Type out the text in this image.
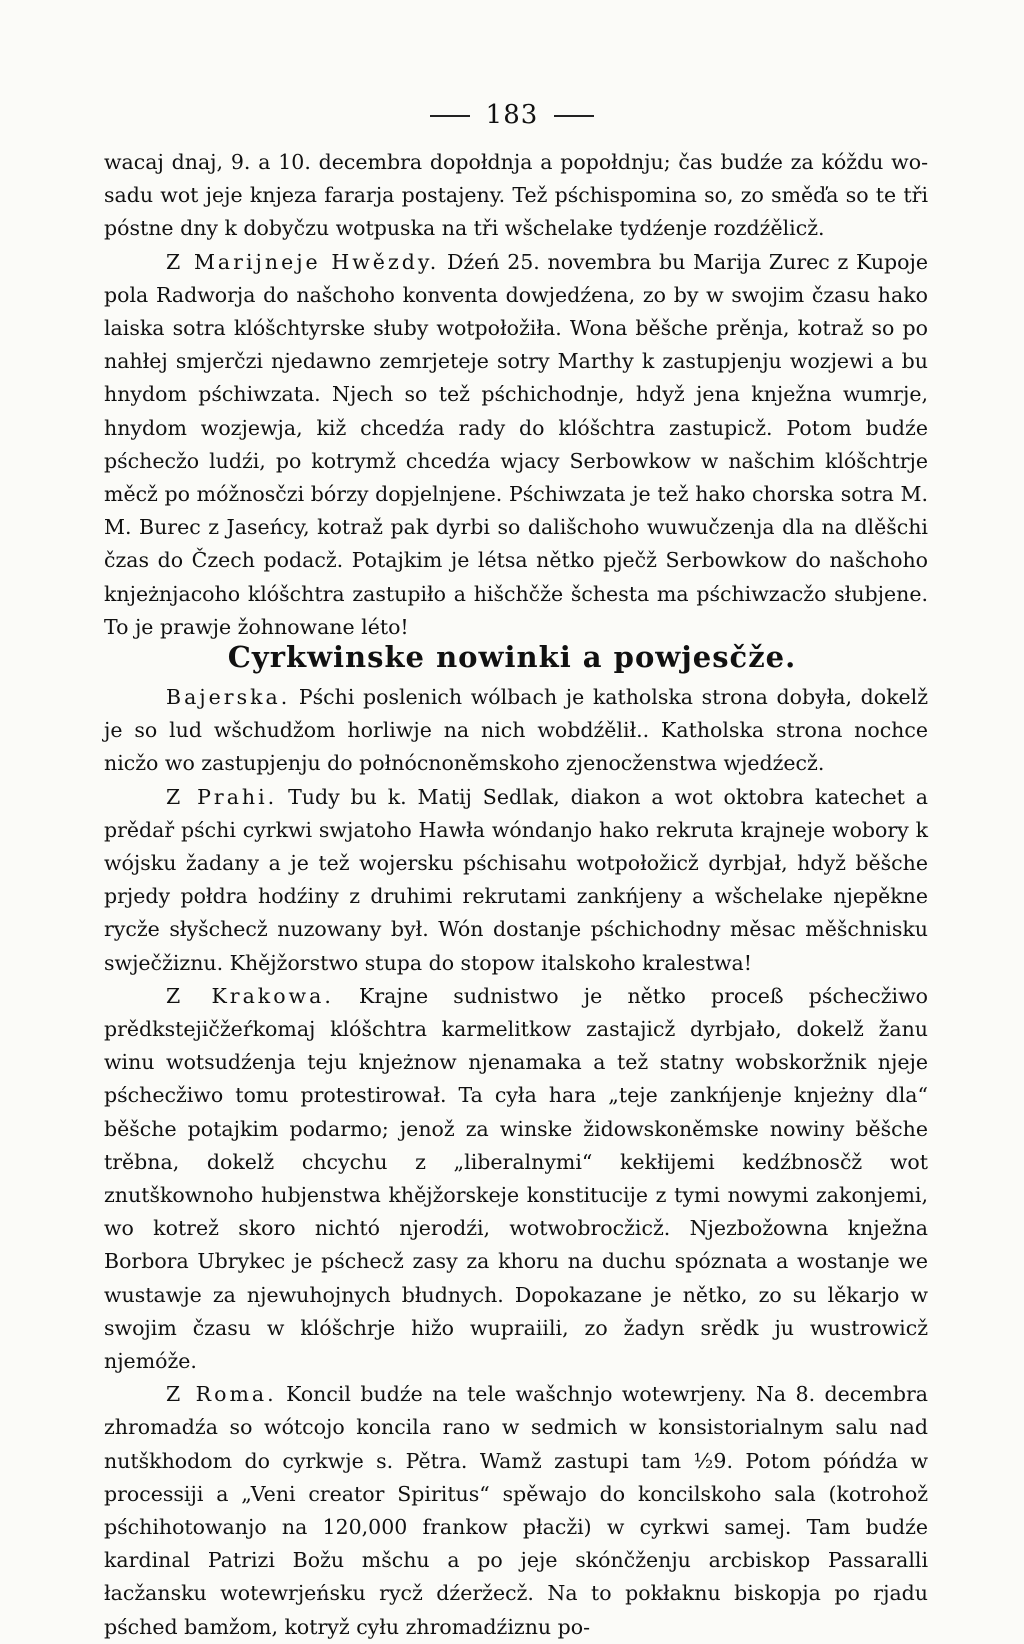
183

wacaj dnaj, 9. a 10. decembra dopołdnja a popołdnju; čas budźe za kóždu wo-sadu wot jeje knjeza fararja postajeny. Tež pśchispomina so, zo směďa so te tři póstne dny k dobyčzu wotpuska na tři wšchelake tydźenje rozdźělicž.

Z Marijneje Hwězdy. Dźeń 25. novembra bu Marija Zurec z Kupoje pola Radworja do našchoho konventa dowjedźena, zo by w swojim čzasu hako laiska sotra klóšchtyrske słuby wotpołožiła. Wona běšche prěnja, kotraž so po nahłej smjerčzi njedawno zemrjeteje sotry Marthy k zastupjenju wozjewi a bu hnydom pśchiwzata. Njech so tež pśchichodnje, hdyž jena knježna wumrje, hnydom wozjewja, kiž chcedźa rady do klóšchtra zastupicž. Potom budźe pśchecžo ludźi, po kotrymž chcedźa wjacy Serbowkow w našchim klóšchtrje měcž po móžnosčzi bórzy dopjelnjene. Pśchiwzata je tež hako chorska sotra M. M. Burec z Jaseńcy, kotraž pak dyrbi so dališchoho wuwučzenja dla na dlěšchi čzas do Čzech podacž. Potajkim je létsa nětko pječž Serbowkow do našchoho knjeżnjacoho klóšchtra zastupiło a hišchčže šchesta ma pśchiwzacžo słubjene. To je prawje žohnowane léto!

Cyrkwinske nowinki a powjesčže.

Bajerska. Pśchi poslenich wólbach je katholska strona dobyła, dokelž je so lud wšchudžom horliwje na nich wobdźělił.. Katholska strona nochce nicžo wo zastupjenju do połnócnoněmskoho zjenocženstwa wjedźecž.

Z Prahi. Tudy bu k. Matij Sedlak, diakon a wot oktobra katechet a prědař pśchi cyrkwi swjatoho Hawła wóndanjo hako rekruta krajneje wobory k wójsku žadany a je tež wojersku pśchisahu wotpołožicž dyrbjał, hdyž běšche prjedy połdra hodźiny z druhimi rekrutami zankńjeny a wšchelake njepěkne rycže słyšchecž nuzowany był. Wón dostanje pśchichodny měsac měšchnisku swječžiznu. Khějžorstwo stupa do stopow italskoho kralestwa!

Z Krakowa. Krajne sudnistwo je nětko proceß pśchecžiwo prědkstejičžeŕkomaj klóšchtra karmelitkow zastajicž dyrbjało, dokelž žanu winu wotsudźenja teju knjeżnow njenamaka a tež statny wobskoržnik njeje pśchecžiwo tomu protestirował. Ta cyła hara „teje zankńjenje knjeżny dla“ běšche potajkim podarmo; jenož za winske židowskoněmske nowiny běšche trěbna, dokelž chcychu z „liberalnymi“ kekłijemi kedźbnosčž wot znutškownoho hubjenstwa khějžorskeje konstitucije z tymi nowymi zakonjemi, wo kotrež skoro nichtó njerodźi, wotwobrocžicž. Njezbožowna knježna Borbora Ubrykec je pśchecž zasy za khoru na duchu spóznata a wostanje we wustawje za njewuhojnych błudnych. Dopokazane je nětko, zo su lěkarjo w swojim čzasu w klóšchrje hižo wupraiili, zo žadyn srědk ju wustrowicž njemóže.

Z Roma. Koncil budźe na tele wašchnjo wotewrjeny. Na 8. decembra zhromadźa so wótcojo koncila rano w sedmich w konsistorialnym salu nad nutškhodom do cyrkwje s. Pětra. Wamž zastupi tam ½9. Potom póńdźa w processiji a „Veni creator Spiritus“ spěwajo do koncilskoho sala (kotrohož pśchihotowanjo na 120,000 frankow płacži) w cyrkwi samej. Tam budźe kardinal Patrizi Božu mšchu a po jeje skónčženju arcbiskop Passaralli łacžansku wotewrjeńsku rycž dźeržecž. Na to pokłaknu biskopja po rjadu pśched bamžom, kotryž cyłu zhromadźiznu po-
